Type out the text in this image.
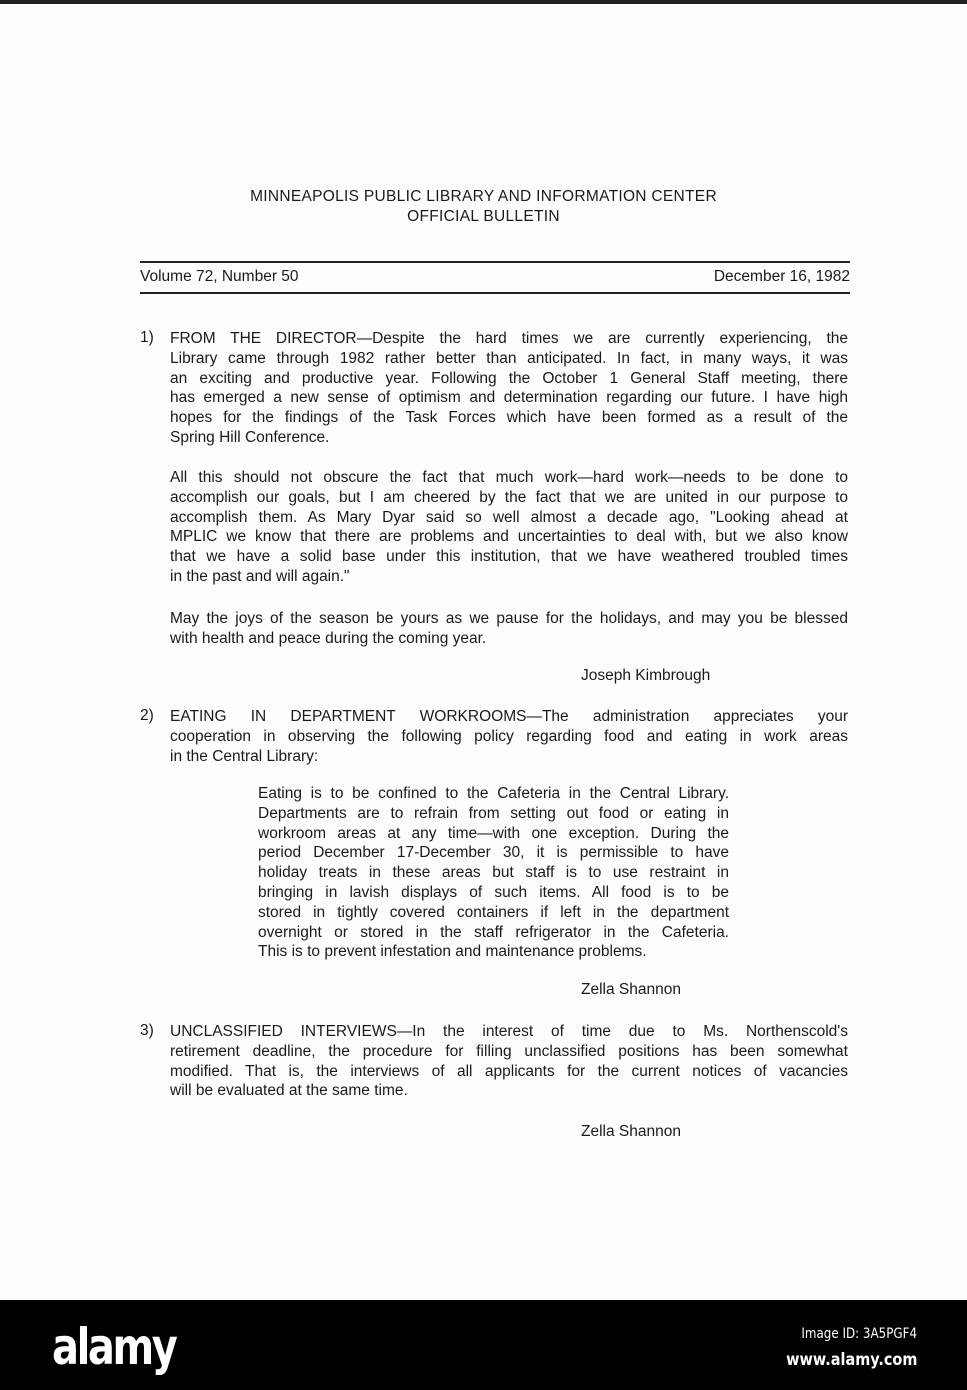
MINNEAPOLIS PUBLIC LIBRARY AND INFORMATION CENTER
OFFICIAL BULLETIN
Volume 72, Number 50	December 16, 1982
1) FROM THE DIRECTOR—Despite the hard times we are currently experiencing, the
Library came through 1982 rather better than anticipated. In fact, in many ways, it was
an exciting and productive year. Following the October 1 General Staff meeting, there
has emerged a new sense of optimism and determination regarding our future. I have high
hopes for the findings of the Task Forces which have been formed as a result of the
Spring Hill Conference.
All this should not obscure the fact that much work—hard work—needs to be done to
accomplish our goals, but I am cheered by the fact that we are united in our purpose to
accomplish them. As Mary Dyar said so well almost a decade ago, "Looking ahead at
MPLIC we know that there are problems and uncertainties to deal with, but we also know
that we have a solid base under this institution, that we have weathered troubled times
in the past and will again."
May the joys of the season be yours as we pause for the holidays, and may you be blessed
with health and peace during the coming year.
Joseph Kimbrough
2) EATING IN DEPARTMENT WORKROOMS—The administration appreciates your
cooperation in observing the following policy regarding food and eating in work areas
in the Central Library:
Eating is to be confined to the Cafeteria in the Central Library.
Departments are to refrain from setting out food or eating in
workroom areas at any time—with one exception. During the
period December 17-December 30, it is permissible to have
holiday treats in these areas but staff is to use restraint in
bringing in lavish displays of such items. All food is to be
stored in tightly covered containers if left in the department
overnight or stored in the staff refrigerator in the Cafeteria.
This is to prevent infestation and maintenance problems.
Zella Shannon
3) UNCLASSIFIED INTERVIEWS—In the interest of time due to Ms. Northenscold's
retirement deadline, the procedure for filling unclassified positions has been somewhat
modified. That is, the interviews of all applicants for the current notices of vacancies
will be evaluated at the same time.
Zella Shannon
alamy	Image ID: 3A5PGF4
www.alamy.com
